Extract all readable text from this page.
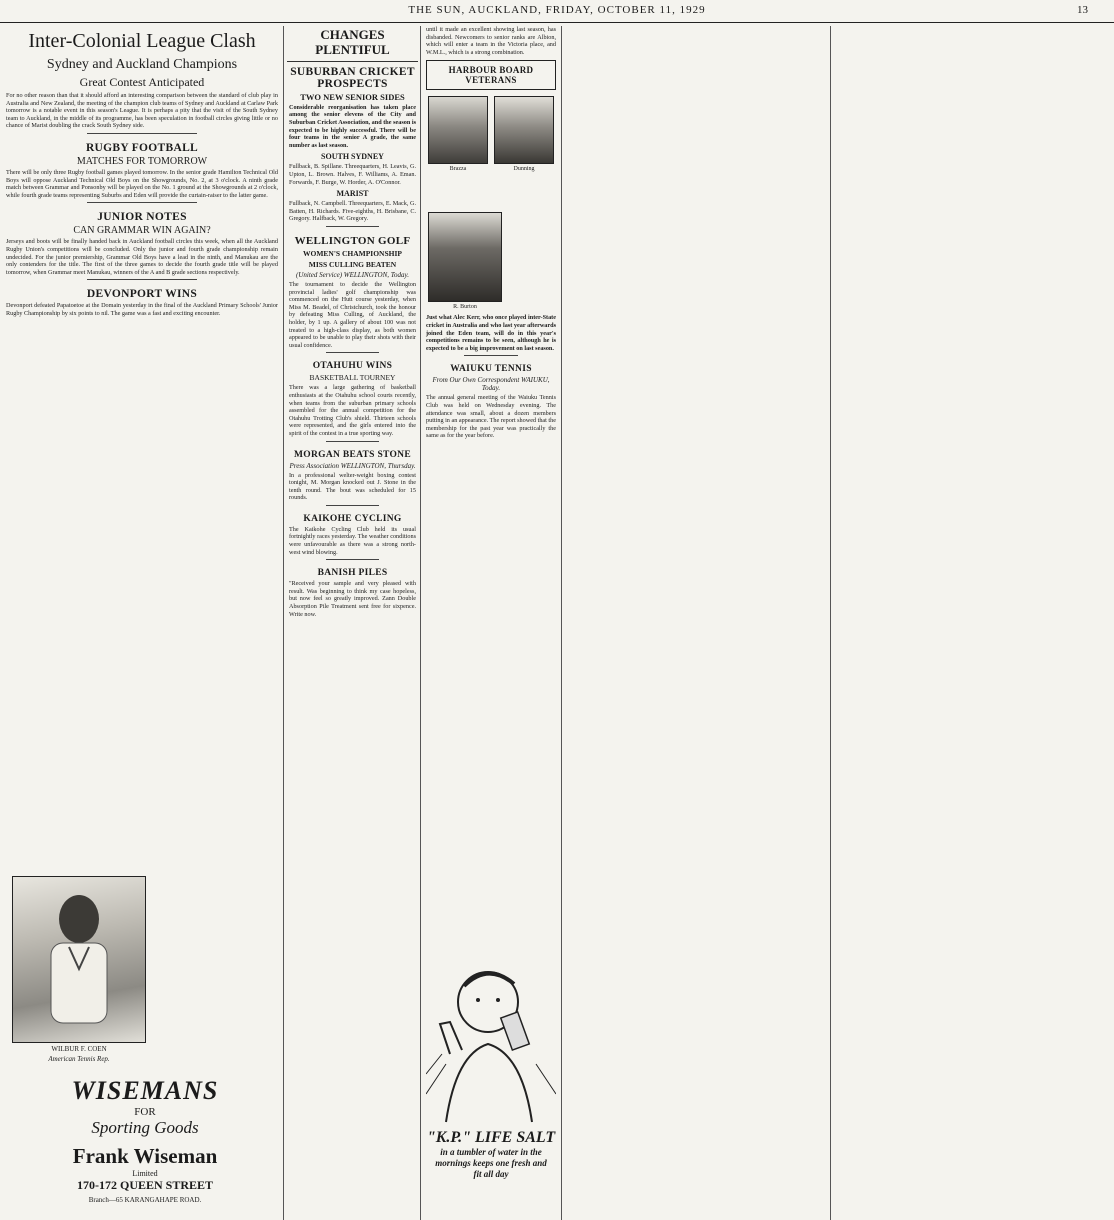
THE SUN, AUCKLAND, FRIDAY, OCTOBER 11, 1929	13
Inter-Colonial League Clash
Sydney and Auckland Champions
Great Contest Anticipated
For no other reason than that it should afford an interesting comparison between the standard of club play in Australia and New Zealand, the meeting of the champion club teams of Sydney and Auckland at Carlaw Park tomorrow is a notable event in this season's League. It is perhaps a pity that the visit of the South Sydney team to Auckland, in the middle of its programme, has been speculation in football circles giving little or no chance of Marist doubling the crack South Sydney side.
RUGBY FOOTBALL
MATCHES FOR TOMORROW
There will be only three Rugby football games played tomorrow. In the senior grade Hamilton Technical Old Boys will oppose Auckland Technical Old Boys on the Showgrounds, No. 2, at 3 o'clock. A ninth grade match between Grammar and Ponsonby will be played on the No. 1 ground at the Showgrounds at 2 o'clock, while fourth grade teams representing Suburbs and Eden will provide the curtain-raiser to the latter game.
JUNIOR NOTES
CAN GRAMMAR WIN AGAIN?
Jerseys and boots will be finally handed back in Auckland football circles this week, when all the Auckland Rugby Union's competitions will be concluded. Only the junior and fourth grade championship remain undecided. For the junior premiership, Grammar Old Boys have a lead in the ninth, and Manukau are the only contenders for the title. The first of the three games to decide the fourth grade title will be played tomorrow, when Grammar meet Manukau, winners of the A and B grade sections respectively.
DEVONPORT WINS
Devonport defeated Papatoetoe at the Domain yesterday in the final of the Auckland Primary Schools' Junior Rugby Championship by six points to nil. The game was a fast and exciting encounter.
WILBUR F. COEN
American Tennis Rep.
WISEMANS
FOR
Sporting Goods
Frank Wiseman
Limited
170-172 QUEEN STREET
Branch—65 KARANGAHAPE ROAD.
CHANGES PLENTIFUL
SUBURBAN CRICKET PROSPECTS
TWO NEW SENIOR SIDES
Considerable reorganisation has taken place among the senior elevens of the City and Suburban Cricket Association, and the season is expected to be highly successful. There will be four teams in the senior A grade, the same number as last season.
SOUTH SYDNEY
Fullback, B. Spillane. Threequarters, H. Leavis, G. Upton, L. Brown. Halves, F. Williams, A. Eman. Forwards, F. Burge, W. Horder, A. O'Connor.
MARIST
Fullback, N. Campbell. Threequarters, E. Mack, G. Batten, H. Richards. Five-eighths, H. Brisbane, C. Gregory. Halfback, W. Gregory.
WELLINGTON GOLF
WOMEN'S CHAMPIONSHIP
MISS CULLING BEATEN
(United Service) WELLINGTON, Today.
The tournament to decide the Wellington provincial ladies' golf championship was commenced on the Hutt course yesterday, when Miss M. Beadel, of Christchurch, took the honour by defeating Miss Culling, of Auckland, the holder, by 1 up. A gallery of about 100 was not treated to a high-class display, as both women appeared to be unable to play their shots with their usual confidence.
OTAHUHU WINS
BASKETBALL TOURNEY
There was a large gathering of basketball enthusiasts at the Otahuhu school courts recently, when teams from the suburban primary schools assembled for the annual competition for the Otahuhu Trotting Club's shield. Thirteen schools were represented, and the girls entered into the spirit of the contest in a true sporting way.
MORGAN BEATS STONE
Press Association WELLINGTON, Thursday.
In a professional welter-weight boxing contest tonight, M. Morgan knocked out J. Stone in the tenth round. The bout was scheduled for 15 rounds.
KAIKOHE CYCLING
The Kaikohe Cycling Club held its usual fortnightly races yesterday. The weather conditions were unfavourable as there was a strong north-west wind blowing.
BANISH PILES
"Received your sample and very pleased with result. Was beginning to think my case hopeless, but now feel so greatly improved. Zann Double Absorption Pile Treatment sent free for sixpence. Write now.
until it made an excellent showing last season, has disbanded. Newcomers to senior ranks are Albion, which will enter a team in the Victoria place, and W.M.L., which is a strong combination.
HARBOUR BOARD VETERANS
Brazza	Dunning
R. Burton
Just what Alec Kerr, who once played inter-State cricket in Australia and who last year afterwards joined the Eden team, will do in this year's competitions remains to be seen, although he is expected to be a big improvement on last season.
WAIUKU TENNIS
From Our Own Correspondent WAIUKU, Today.
The annual general meeting of the Waiuku Tennis Club was held on Wednesday evening. The attendance was small, about a dozen members putting in an appearance. The report showed that the membership for the past year was practically the same as for the year before.
"K.P." LIFE SALT
in a tumbler of water in the mornings keeps one fresh and fit all day
